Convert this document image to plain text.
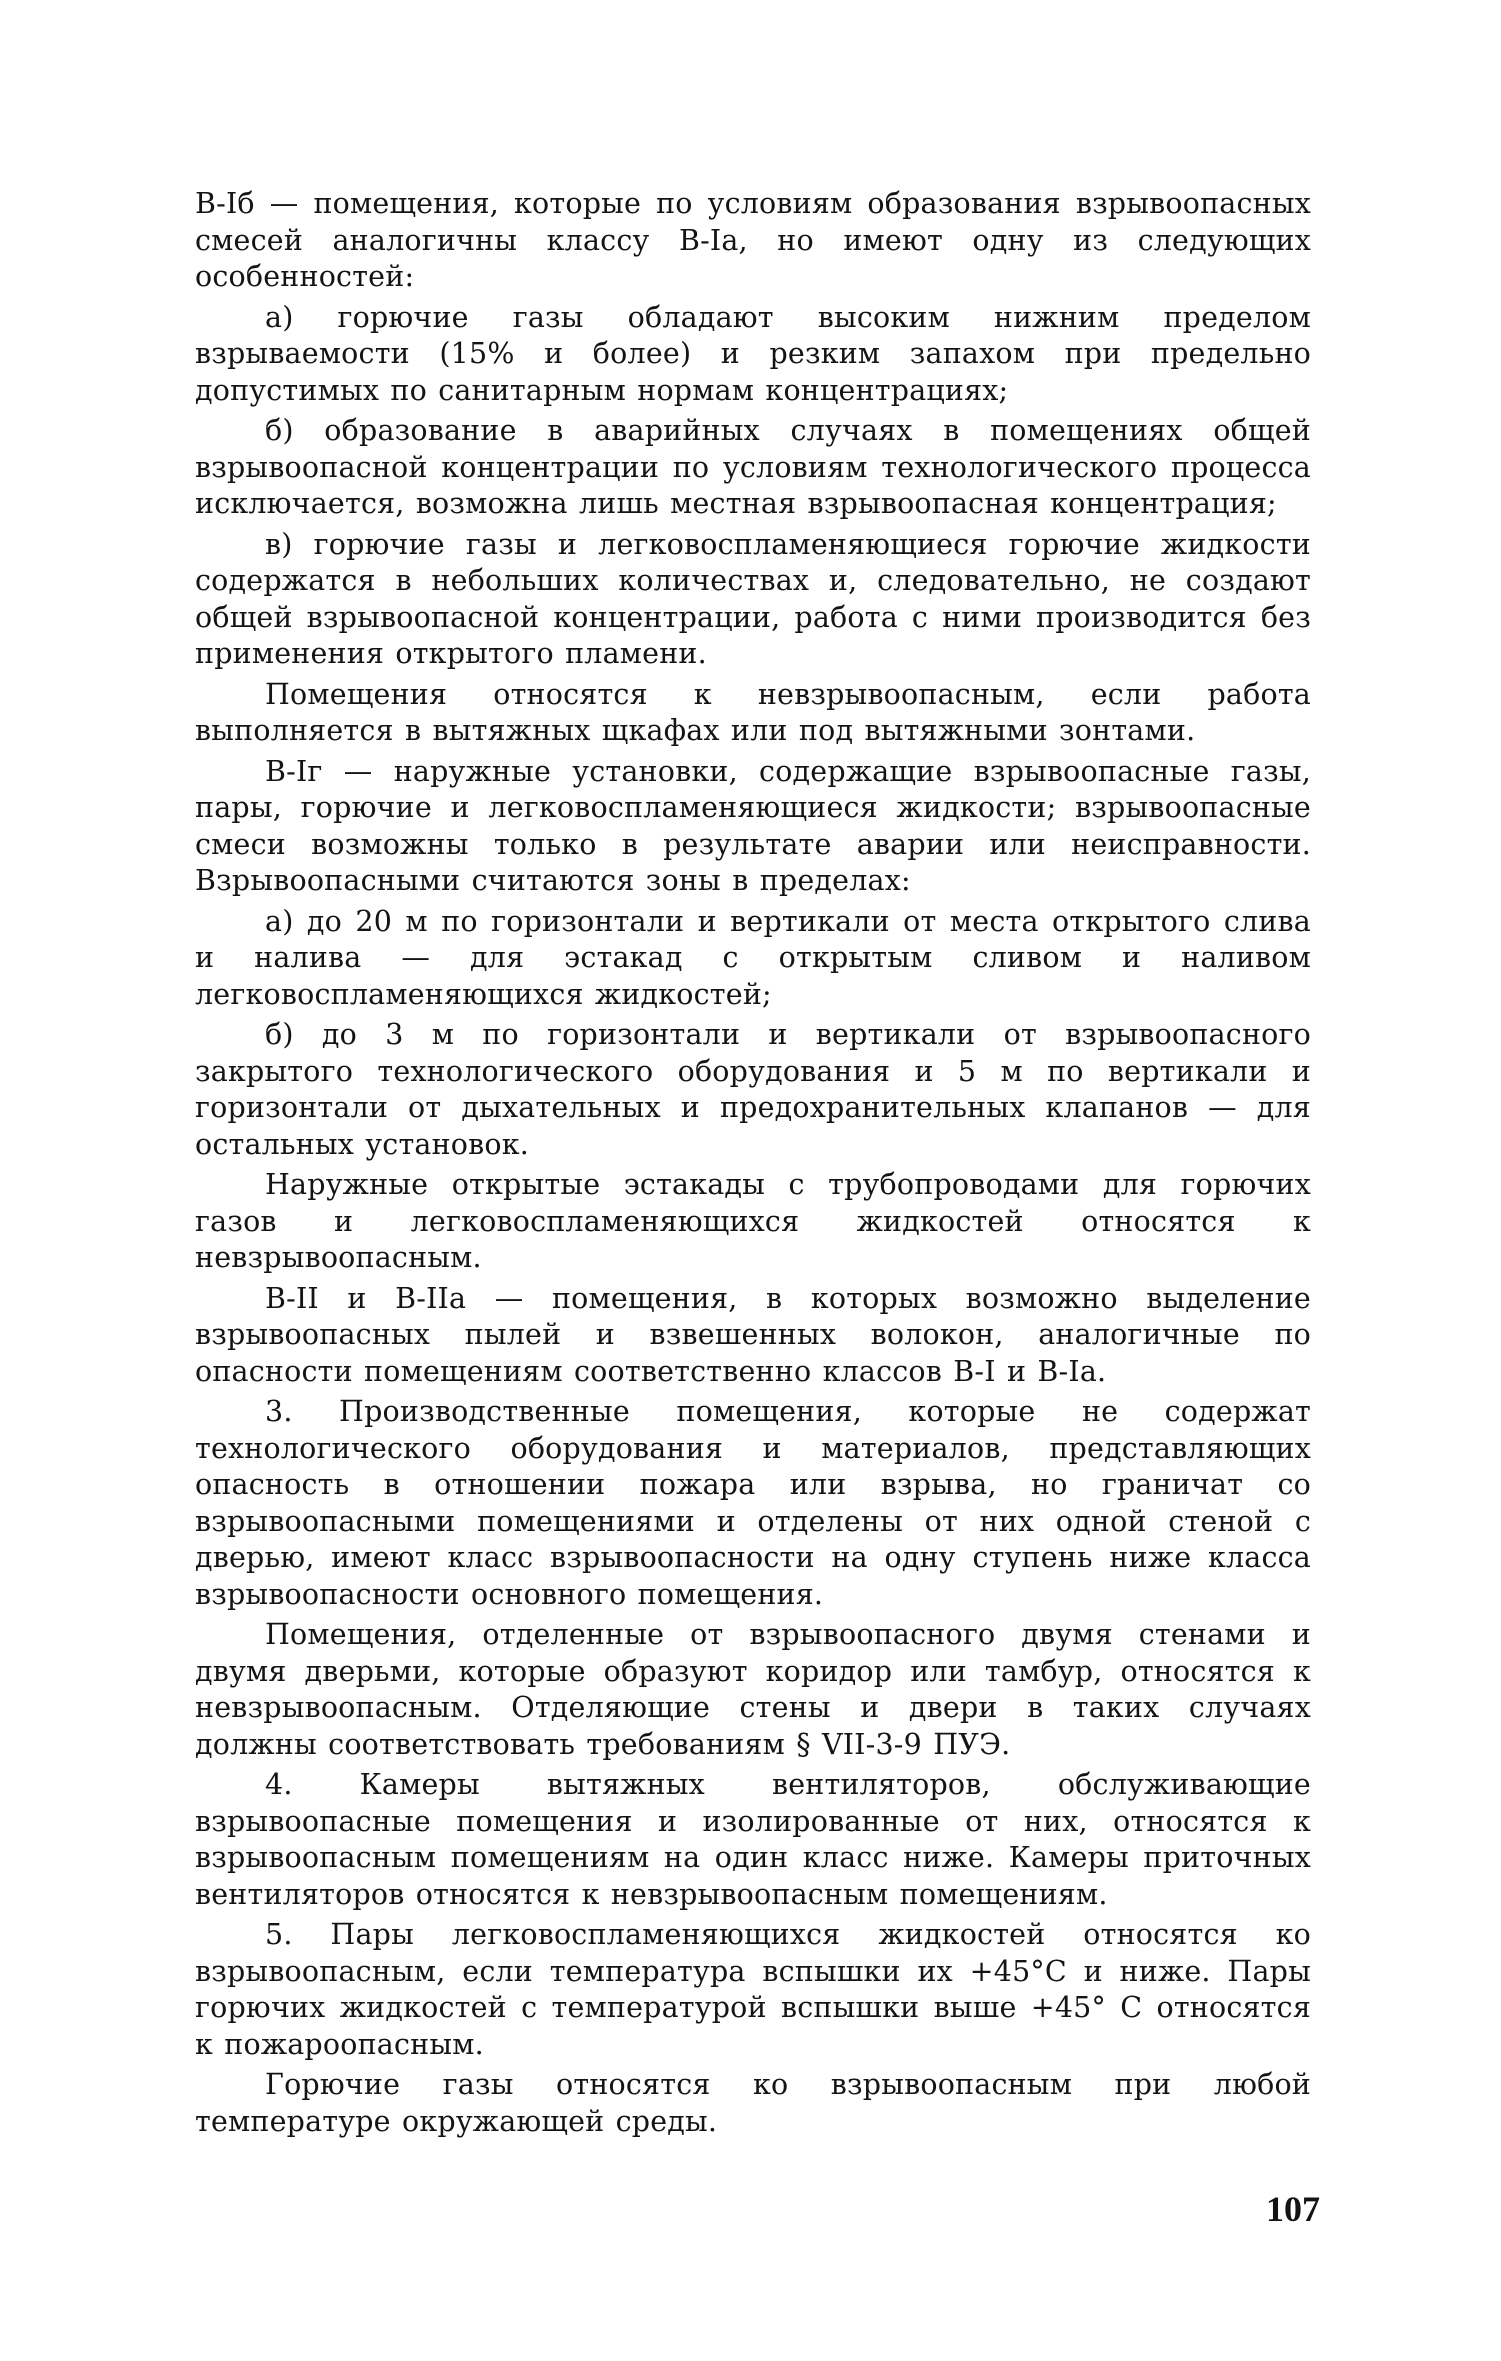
В-Iб — помещения, которые по условиям образования взрывоопасных смесей аналогичны классу В-Iа, но имеют одну из следующих особенностей:

а) горючие газы обладают высоким нижним пределом взрываемости (15% и более) и резким запахом при предельно допустимых по санитарным нормам концентрациях;

б) образование в аварийных случаях в помещениях общей взрывоопасной концентрации по условиям технологического процесса исключается, возможна лишь местная взрывоопасная концентрация;

в) горючие газы и легковоспламеняющиеся горючие жидкости содержатся в небольших количествах и, следовательно, не создают общей взрывоопасной концентрации, работа с ними производится без применения открытого пламени.

Помещения относятся к невзрывоопасным, если работа выполняется в вытяжных щкафах или под вытяжными зонтами.

В-Iг — наружные установки, содержащие взрывоопасные газы, пары, горючие и легковоспламеняющиеся жидкости; взрывоопасные смеси возможны только в результате аварии или неисправности. Взрывоопасными считаются зоны в пределах:

а) до 20 м по горизонтали и вертикали от места открытого слива и налива — для эстакад с открытым сливом и наливом легковоспламеняющихся жидкостей;

б) до 3 м по горизонтали и вертикали от взрывоопасного закрытого технологического оборудования и 5 м по вертикали и горизонтали от дыхательных и предохранительных клапанов — для остальных установок.

Наружные открытые эстакады с трубопроводами для горючих газов и легковоспламеняющихся жидкостей относятся к невзрывоопасным.

В-II и В-IIа — помещения, в которых возможно выделение взрывоопасных пылей и взвешенных волокон, аналогичные по опасности помещениям соответственно классов В-I и В-Iа.

3. Производственные помещения, которые не содержат технологического оборудования и материалов, представляющих опасность в отношении пожара или взрыва, но граничат со взрывоопасными помещениями и отделены от них одной стеной с дверью, имеют класс взрывоопасности на одну ступень ниже класса взрывоопасности основного помещения.

Помещения, отделенные от взрывоопасного двумя стенами и двумя дверьми, которые образуют коридор или тамбур, относятся к невзрывоопасным. Отделяющие стены и двери в таких случаях должны соответствовать требованиям § VII-3-9 ПУЭ.

4. Камеры вытяжных вентиляторов, обслуживающие взрывоопасные помещения и изолированные от них, относятся к взрывоопасным помещениям на один класс ниже. Камеры приточных вентиляторов относятся к невзрывоопасным помещениям.

5. Пары легковоспламеняющихся жидкостей относятся ко взрывоопасным, если температура вспышки их +45°С и ниже. Пары горючих жидкостей с температурой вспышки выше +45° С относятся к пожароопасным.

Горючие газы относятся ко взрывоопасным при любой температуре окружающей среды.

107
